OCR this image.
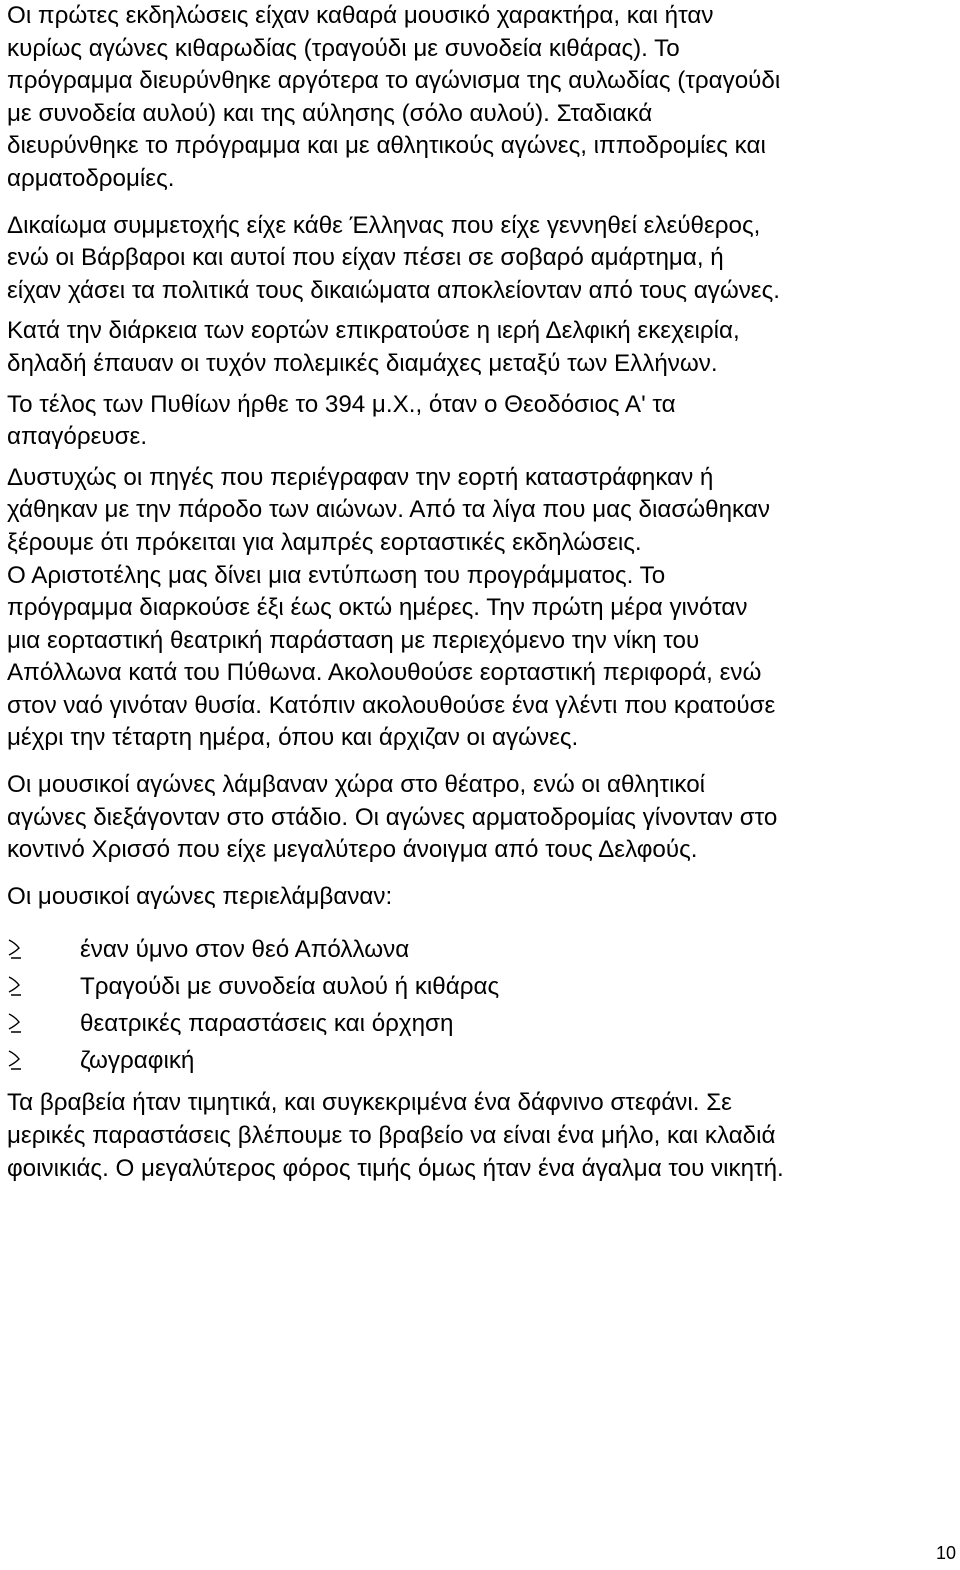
Οι πρώτες εκδηλώσεις είχαν καθαρά μουσικό χαρακτήρα, και ήταν
κυρίως αγώνες κιθαρωδίας (τραγούδι με συνοδεία κιθάρας). Το
πρόγραμμα διευρύνθηκε αργότερα το αγώνισμα της αυλωδίας (τραγούδι
με συνοδεία αυλού) και της αύλησης (σόλο αυλού). Σταδιακά
διευρύνθηκε το πρόγραμμα και με αθλητικούς αγώνες, ιπποδρομίες και
αρματοδρομίες.

Δικαίωμα συμμετοχής είχε κάθε Έλληνας που είχε γεννηθεί ελεύθερος,
ενώ οι Βάρβαροι και αυτοί που είχαν πέσει σε σοβαρό αμάρτημα, ή
είχαν χάσει τα πολιτικά τους δικαιώματα αποκλείονταν από τους αγώνες.

Κατά την διάρκεια των εορτών επικρατούσε η ιερή Δελφική εκεχειρία,
δηλαδή έπαυαν οι τυχόν πολεμικές διαμάχες μεταξύ των Ελλήνων.

Το τέλος των Πυθίων ήρθε το 394 μ.Χ., όταν ο Θεοδόσιος Α' τα
απαγόρευσε.

Δυστυχώς οι πηγές που περιέγραφαν την εορτή καταστράφηκαν ή
χάθηκαν με την πάροδο των αιώνων. Από τα λίγα που μας διασώθηκαν
ξέρουμε ότι πρόκειται για λαμπρές εορταστικές εκδηλώσεις.
Ο Αριστοτέλης μας δίνει μια εντύπωση του προγράμματος. Το
πρόγραμμα διαρκούσε έξι έως οκτώ ημέρες. Την πρώτη μέρα γινόταν
μια εορταστική θεατρική παράσταση με περιεχόμενο την νίκη του
Απόλλωνα κατά του Πύθωνα. Ακολουθούσε εορταστική περιφορά, ενώ
στον ναό γινόταν θυσία. Κατόπιν ακολουθούσε ένα γλέντι που κρατούσε
μέχρι την τέταρτη ημέρα, όπου και άρχιζαν οι αγώνες.

Οι μουσικοί αγώνες λάμβαναν χώρα στο θέατρο, ενώ οι αθλητικοί
αγώνες διεξάγονταν στο στάδιο. Οι αγώνες αρματοδρομίας γίνονταν στο
κοντινό Χρισσό που είχε μεγαλύτερο άνοιγμα από τους Δελφούς.

Οι μουσικοί αγώνες περιελάμβαναν:

έναν ύμνο στον θεό Απόλλωνα
Τραγούδι με συνοδεία αυλού ή κιθάρας
θεατρικές παραστάσεις και όρχηση
ζωγραφική

Τα βραβεία ήταν τιμητικά, και συγκεκριμένα ένα δάφνινο στεφάνι. Σε
μερικές παραστάσεις βλέπουμε το βραβείο να είναι ένα μήλο, και κλαδιά
φοινικιάς. Ο μεγαλύτερος φόρος τιμής όμως ήταν ένα άγαλμα του νικητή.

10
